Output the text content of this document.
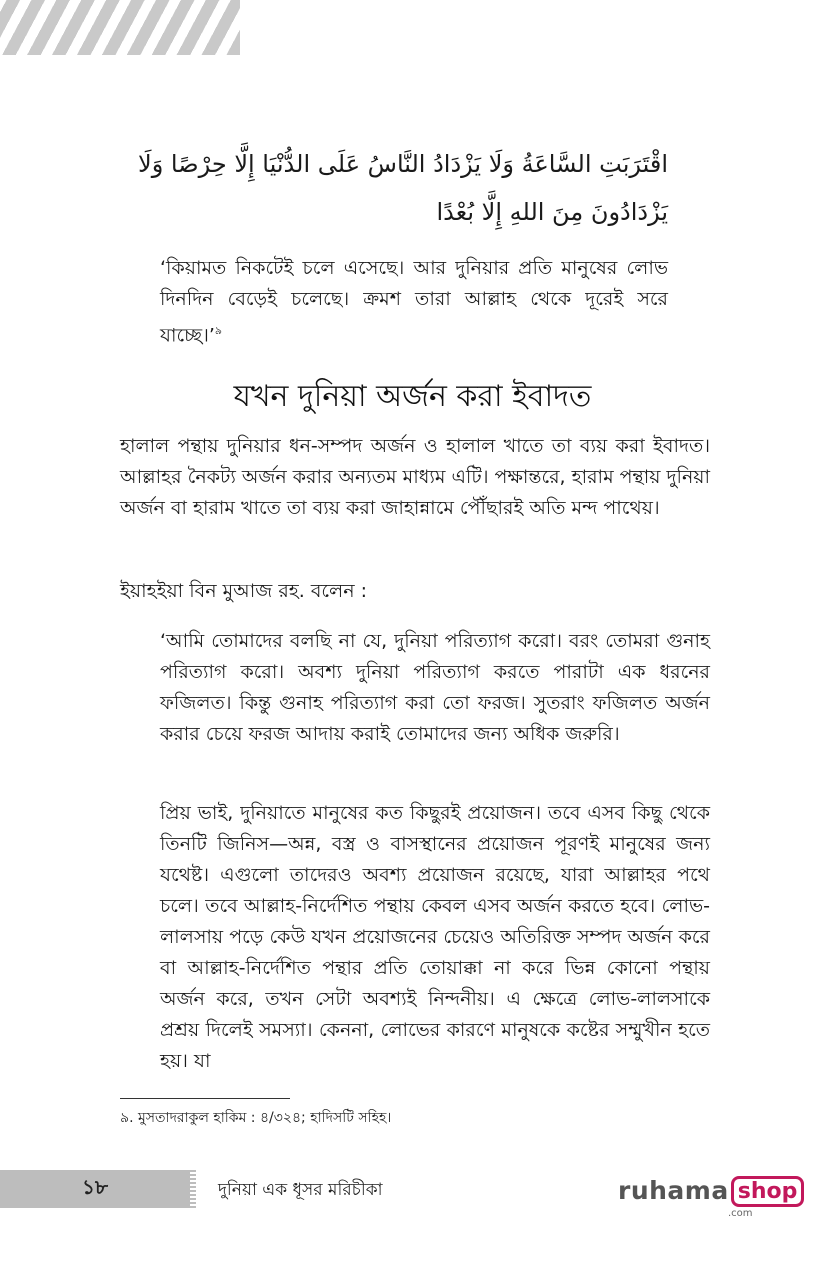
اقْتَرَبَتِ السَّاعَةُ وَلَا يَزْدَادُ النَّاسُ عَلَى الدُّنْيَا إِلَّا حِرْصًا وَلَا
يَزْدَادُونَ مِنَ اللهِ إِلَّا بُعْدًا

‘কিয়ামত নিকটেই চলে এসেছে। আর দুনিয়ার প্রতি মানুষের লোভ দিনদিন বেড়েই চলেছে। ক্রমশ তারা আল্লাহ থেকে দূরেই সরে যাচ্ছে।’$^৯$

যখন দুনিয়া অর্জন করা ইবাদত

হালাল পন্থায় দুনিয়ার ধন-সম্পদ অর্জন ও হালাল খাতে তা ব্যয় করা ইবাদত। আল্লাহর নৈকট্য অর্জন করার অন্যতম মাধ্যম এটি। পক্ষান্তরে, হারাম পন্থায় দুনিয়া অর্জন বা হারাম খাতে তা ব্যয় করা জাহান্নামে পৌঁছারই অতি মন্দ পাথেয়।

ইয়াহইয়া বিন মুআজ রহ. বলেন :

‘আমি তোমাদের বলছি না যে, দুনিয়া পরিত্যাগ করো। বরং তোমরা গুনাহ পরিত্যাগ করো। অবশ্য দুনিয়া পরিত্যাগ করতে পারাটা এক ধরনের ফজিলত। কিন্তু গুনাহ পরিত্যাগ করা তো ফরজ। সুতরাং ফজিলত অর্জন করার চেয়ে ফরজ আদায় করাই তোমাদের জন্য অধিক জরুরি।

প্রিয় ভাই, দুনিয়াতে মানুষের কত কিছুরই প্রয়োজন। তবে এসব কিছু থেকে তিনটি জিনিস—অন্ন, বস্ত্র ও বাসস্থানের প্রয়োজন পূরণই মানুষের জন্য যথেষ্ট। এগুলো তাদেরও অবশ্য প্রয়োজন রয়েছে, যারা আল্লাহর পথে চলে। তবে আল্লাহ-নির্দেশিত পন্থায় কেবল এসব অর্জন করতে হবে। লোভ-লালসায় পড়ে কেউ যখন প্রয়োজনের চেয়েও অতিরিক্ত সম্পদ অর্জন করে বা আল্লাহ-নির্দেশিত পন্থার প্রতি তোয়াক্কা না করে ভিন্ন কোনো পন্থায় অর্জন করে, তখন সেটা অবশ্যই নিন্দনীয়। এ ক্ষেত্রে লোভ-লালসাকে প্রশ্রয় দিলেই সমস্যা। কেননা, লোভের কারণে মানুষকে কষ্টের সম্মুখীন হতে হয়। যা

৯. মুসতাদরাকুল হাকিম : ৪/৩২৪; হাদিসটি সহিহ।

১৮	দুনিয়া এক ধূসর মরিচীকা	ruhama shop
.com
